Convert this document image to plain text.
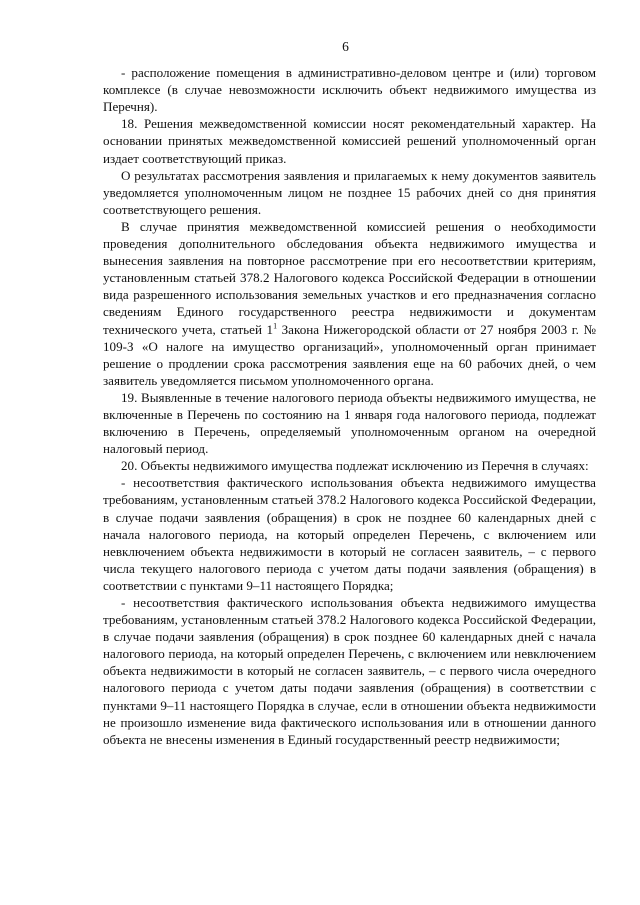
6

- расположение помещения в административно-деловом центре и (или) торговом комплексе (в случае невозможности исключить объект недвижимого имущества из Перечня).

18. Решения межведомственной комиссии носят рекомендательный характер. На основании принятых межведомственной комиссией решений уполномоченный орган издает соответствующий приказ.

О результатах рассмотрения заявления и прилагаемых к нему документов заявитель уведомляется уполномоченным лицом не позднее 15 рабочих дней со дня принятия соответствующего решения.

В случае принятия межведомственной комиссией решения о необходимости проведения дополнительного обследования объекта недвижимого имущества и вынесения заявления на повторное рассмотрение при его несоответствии критериям, установленным статьей 378.2 Налогового кодекса Российской Федерации в отношении вида разрешенного использования земельных участков и его предназначения согласно сведениям Единого государственного реестра недвижимости и документам технического учета, статьей $1^1$ Закона Нижегородской области от 27 ноября 2003 г. № 109-З «О налоге на имущество организаций», уполномоченный орган принимает решение о продлении срока рассмотрения заявления еще на 60 рабочих дней, о чем заявитель уведомляется письмом уполномоченного органа.

19. Выявленные в течение налогового периода объекты недвижимого имущества, не включенные в Перечень по состоянию на 1 января года налогового периода, подлежат включению в Перечень, определяемый уполномоченным органом на очередной налоговый период.

20. Объекты недвижимого имущества подлежат исключению из Перечня в случаях:

- несоответствия фактического использования объекта недвижимого имущества требованиям, установленным статьей 378.2 Налогового кодекса Российской Федерации, в случае подачи заявления (обращения) в срок не позднее 60 календарных дней с начала налогового периода, на который определен Перечень, с включением или невключением объекта недвижимости в который не согласен заявитель, – с первого числа текущего налогового периода с учетом даты подачи заявления (обращения) в соответствии с пунктами 9–11 настоящего Порядка;

- несоответствия фактического использования объекта недвижимого имущества требованиям, установленным статьей 378.2 Налогового кодекса Российской Федерации, в случае подачи заявления (обращения) в срок позднее 60 календарных дней с начала налогового периода, на который определен Перечень, с включением или невключением объекта недвижимости в который не согласен заявитель, – с первого числа очередного налогового периода с учетом даты подачи заявления (обращения) в соответствии с пунктами 9–11 настоящего Порядка в случае, если в отношении объекта недвижимости не произошло изменение вида фактического использования или в отношении данного объекта не внесены изменения в Единый государственный реестр недвижимости;
